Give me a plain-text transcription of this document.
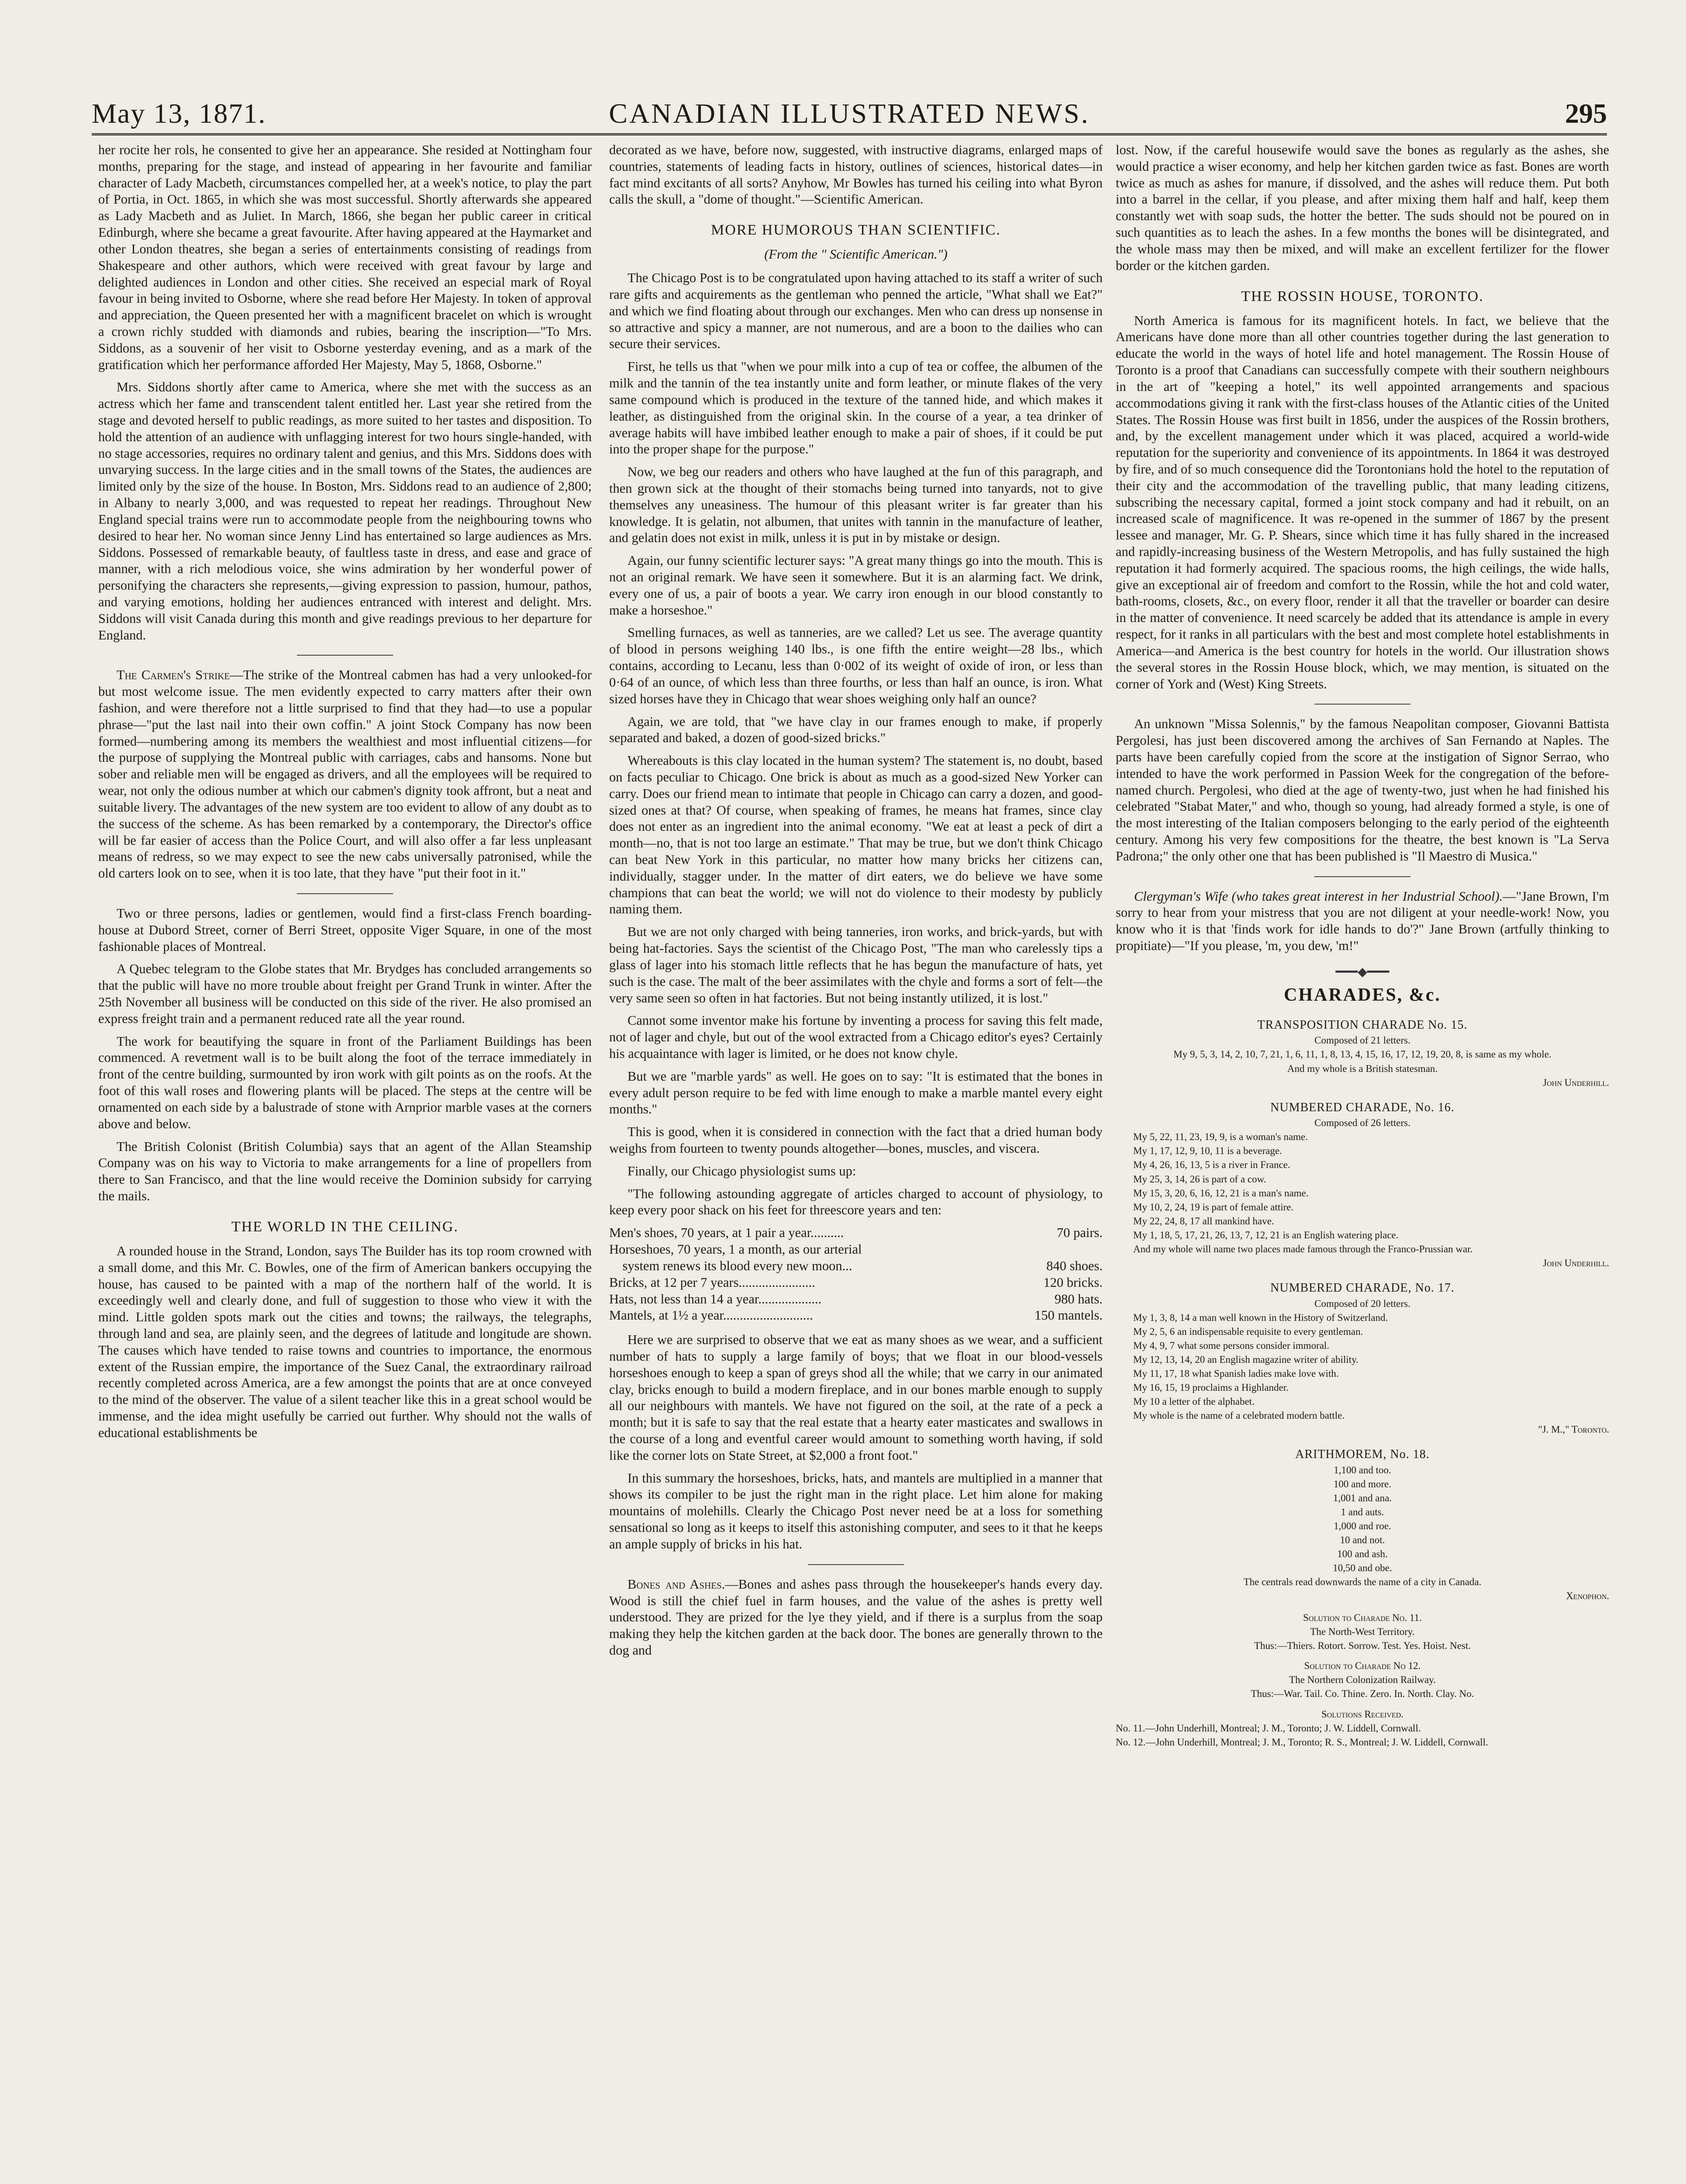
May 13, 1871.	CANADIAN ILLUSTRATED NEWS.	295

her rocite her rols, he consented to give her an appearance. She resided at Nottingham four months, preparing for the stage, and instead of appearing in her favourite and familiar character of Lady Macbeth, circumstances compelled her, at a week's notice, to play the part of Portia, in Oct. 1865, in which she was most successful. Shortly afterwards she appeared as Lady Macbeth and as Juliet. In March, 1866, she began her public career in critical Edinburgh, where she became a great favourite. After having appeared at the Haymarket and other London theatres, she began a series of entertainments consisting of readings from Shakespeare and other authors, which were received with great favour by large and delighted audiences in London and other cities. She received an especial mark of Royal favour in being invited to Osborne, where she read before Her Majesty. In token of approval and appreciation, the Queen presented her with a magnificent bracelet on which is wrought a crown richly studded with diamonds and rubies, bearing the inscription—"To Mrs. Siddons, as a souvenir of her visit to Osborne yesterday evening, and as a mark of the gratification which her performance afforded Her Majesty, May 5, 1868, Osborne."

Mrs. Siddons shortly after came to America, where she met with the success as an actress which her fame and transcendent talent entitled her. Last year she retired from the stage and devoted herself to public readings, as more suited to her tastes and disposition. To hold the attention of an audience with unflagging interest for two hours single-handed, with no stage accessories, requires no ordinary talent and genius, and this Mrs. Siddons does with unvarying success. In the large cities and in the small towns of the States, the audiences are limited only by the size of the house. In Boston, Mrs. Siddons read to an audience of 2,800; in Albany to nearly 3,000, and was requested to repeat her readings. Throughout New England special trains were run to accommodate people from the neighbouring towns who desired to hear her. No woman since Jenny Lind has entertained so large audiences as Mrs. Siddons. Possessed of remarkable beauty, of faultless taste in dress, and ease and grace of manner, with a rich melodious voice, she wins admiration by her wonderful power of personifying the characters she represents,—giving expression to passion, humour, pathos, and varying emotions, holding her audiences entranced with interest and delight. Mrs. Siddons will visit Canada during this month and give readings previous to her departure for England.

The Carmen's Strike—The strike of the Montreal cabmen has had a very unlooked-for but most welcome issue. The men evidently expected to carry matters after their own fashion, and were therefore not a little surprised to find that they had—to use a popular phrase—"put the last nail into their own coffin." A joint Stock Company has now been formed—numbering among its members the wealthiest and most influential citizens—for the purpose of supplying the Montreal public with carriages, cabs and hansoms. None but sober and reliable men will be engaged as drivers, and all the employees will be required to wear, not only the odious number at which our cabmen's dignity took affront, but a neat and suitable livery. The advantages of the new system are too evident to allow of any doubt as to the success of the scheme. As has been remarked by a contemporary, the Director's office will be far easier of access than the Police Court, and will also offer a far less unpleasant means of redress, so we may expect to see the new cabs universally patronised, while the old carters look on to see, when it is too late, that they have "put their foot in it."

Two or three persons, ladies or gentlemen, would find a first-class French boarding-house at Dubord Street, corner of Berri Street, opposite Viger Square, in one of the most fashionable places of Montreal.

A Quebec telegram to the Globe states that Mr. Brydges has concluded arrangements so that the public will have no more trouble about freight per Grand Trunk in winter. After the 25th November all business will be conducted on this side of the river. He also promised an express freight train and a permanent reduced rate all the year round.

The work for beautifying the square in front of the Parliament Buildings has been commenced. A revetment wall is to be built along the foot of the terrace immediately in front of the centre building, surmounted by iron work with gilt points as on the roofs. At the foot of this wall roses and flowering plants will be placed. The steps at the centre will be ornamented on each side by a balustrade of stone with Arnprior marble vases at the corners above and below.

The British Colonist (British Columbia) says that an agent of the Allan Steamship Company was on his way to Victoria to make arrangements for a line of propellers from there to San Francisco, and that the line would receive the Dominion subsidy for carrying the mails.

THE WORLD IN THE CEILING.

A rounded house in the Strand, London, says The Builder has its top room crowned with a small dome, and this Mr. C. Bowles, one of the firm of American bankers occupying the house, has caused to be painted with a map of the northern half of the world. It is exceedingly well and clearly done, and full of suggestion to those who view it with the mind. Little golden spots mark out the cities and towns; the railways, the telegraphs, through land and sea, are plainly seen, and the degrees of latitude and longitude are shown. The causes which have tended to raise towns and countries to importance, the enormous extent of the Russian empire, the importance of the Suez Canal, the extraordinary railroad recently completed across America, are a few amongst the points that are at once conveyed to the mind of the observer. The value of a silent teacher like this in a great school would be immense, and the idea might usefully be carried out further. Why should not the walls of educational establishments be

decorated as we have, before now, suggested, with instructive diagrams, enlarged maps of countries, statements of leading facts in history, outlines of sciences, historical dates—in fact mind excitants of all sorts? Anyhow, Mr Bowles has turned his ceiling into what Byron calls the skull, a "dome of thought."—Scientific American.

MORE HUMOROUS THAN SCIENTIFIC.
(From the " Scientific American.")

The Chicago Post is to be congratulated upon having attached to its staff a writer of such rare gifts and acquirements as the gentleman who penned the article, "What shall we Eat?" and which we find floating about through our exchanges. Men who can dress up nonsense in so attractive and spicy a manner, are not numerous, and are a boon to the dailies who can secure their services.

First, he tells us that "when we pour milk into a cup of tea or coffee, the albumen of the milk and the tannin of the tea instantly unite and form leather, or minute flakes of the very same compound which is produced in the texture of the tanned hide, and which makes it leather, as distinguished from the original skin. In the course of a year, a tea drinker of average habits will have imbibed leather enough to make a pair of shoes, if it could be put into the proper shape for the purpose."

Now, we beg our readers and others who have laughed at the fun of this paragraph, and then grown sick at the thought of their stomachs being turned into tanyards, not to give themselves any uneasiness. The humour of this pleasant writer is far greater than his knowledge. It is gelatin, not albumen, that unites with tannin in the manufacture of leather, and gelatin does not exist in milk, unless it is put in by mistake or design.

Again, our funny scientific lecturer says: "A great many things go into the mouth. This is not an original remark. We have seen it somewhere. But it is an alarming fact. We drink, every one of us, a pair of boots a year. We carry iron enough in our blood constantly to make a horseshoe."

Smelling furnaces, as well as tanneries, are we called? Let us see. The average quantity of blood in persons weighing 140 lbs., is one fifth the entire weight—28 lbs., which contains, according to Lecanu, less than 0·002 of its weight of oxide of iron, or less than 0·64 of an ounce, of which less than three fourths, or less than half an ounce, is iron. What sized horses have they in Chicago that wear shoes weighing only half an ounce?

Again, we are told, that "we have clay in our frames enough to make, if properly separated and baked, a dozen of good-sized bricks."

Whereabouts is this clay located in the human system? The statement is, no doubt, based on facts peculiar to Chicago. One brick is about as much as a good-sized New Yorker can carry. Does our friend mean to intimate that people in Chicago can carry a dozen, and good-sized ones at that? Of course, when speaking of frames, he means hat frames, since clay does not enter as an ingredient into the animal economy. "We eat at least a peck of dirt a month—no, that is not too large an estimate." That may be true, but we don't think Chicago can beat New York in this particular, no matter how many bricks her citizens can, individually, stagger under. In the matter of dirt eaters, we do believe we have some champions that can beat the world; we will not do violence to their modesty by publicly naming them.

But we are not only charged with being tanneries, iron works, and brick-yards, but with being hat-factories. Says the scientist of the Chicago Post, "The man who carelessly tips a glass of lager into his stomach little reflects that he has begun the manufacture of hats, yet such is the case. The malt of the beer assimilates with the chyle and forms a sort of felt—the very same seen so often in hat factories. But not being instantly utilized, it is lost."

Cannot some inventor make his fortune by inventing a process for saving this felt made, not of lager and chyle, but out of the wool extracted from a Chicago editor's eyes? Certainly his acquaintance with lager is limited, or he does not know chyle.

But we are "marble yards" as well. He goes on to say: "It is estimated that the bones in every adult person require to be fed with lime enough to make a marble mantel every eight months."

This is good, when it is considered in connection with the fact that a dried human body weighs from fourteen to twenty pounds altogether—bones, muscles, and viscera.

Finally, our Chicago physiologist sums up:

"The following astounding aggregate of articles charged to account of physiology, to keep every poor shack on his feet for threescore years and ten:

Men's shoes, 70 years, at 1 pair a year..........	70 pairs.
Horseshoes, 70 years, 1 a month, as our arterial
system renews its blood every new moon...	840 shoes.
Bricks, at 12 per 7 years.......................	120 bricks.
Hats, not less than 14 a year...................	980 hats.
Mantels, at 1½ a year...........................	150 mantels.

Here we are surprised to observe that we eat as many shoes as we wear, and a sufficient number of hats to supply a large family of boys; that we float in our blood-vessels horseshoes enough to keep a span of greys shod all the while; that we carry in our animated clay, bricks enough to build a modern fireplace, and in our bones marble enough to supply all our neighbours with mantels. We have not figured on the soil, at the rate of a peck a month; but it is safe to say that the real estate that a hearty eater masticates and swallows in the course of a long and eventful career would amount to something worth having, if sold like the corner lots on State Street, at $2,000 a front foot."

In this summary the horseshoes, bricks, hats, and mantels are multiplied in a manner that shows its compiler to be just the right man in the right place. Let him alone for making mountains of molehills. Clearly the Chicago Post never need be at a loss for something sensational so long as it keeps to itself this astonishing computer, and sees to it that he keeps an ample supply of bricks in his hat.

Bones and Ashes.—Bones and ashes pass through the housekeeper's hands every day. Wood is still the chief fuel in farm houses, and the value of the ashes is pretty well understood. They are prized for the lye they yield, and if there is a surplus from the soap making they help the kitchen garden at the back door. The bones are generally thrown to the dog and

lost. Now, if the careful housewife would save the bones as regularly as the ashes, she would practice a wiser economy, and help her kitchen garden twice as fast. Bones are worth twice as much as ashes for manure, if dissolved, and the ashes will reduce them. Put both into a barrel in the cellar, if you please, and after mixing them half and half, keep them constantly wet with soap suds, the hotter the better. The suds should not be poured on in such quantities as to leach the ashes. In a few months the bones will be disintegrated, and the whole mass may then be mixed, and will make an excellent fertilizer for the flower border or the kitchen garden.

THE ROSSIN HOUSE, TORONTO.

North America is famous for its magnificent hotels. In fact, we believe that the Americans have done more than all other countries together during the last generation to educate the world in the ways of hotel life and hotel management. The Rossin House of Toronto is a proof that Canadians can successfully compete with their southern neighbours in the art of "keeping a hotel," its well appointed arrangements and spacious accommodations giving it rank with the first-class houses of the Atlantic cities of the United States. The Rossin House was first built in 1856, under the auspices of the Rossin brothers, and, by the excellent management under which it was placed, acquired a world-wide reputation for the superiority and convenience of its appointments. In 1864 it was destroyed by fire, and of so much consequence did the Torontonians hold the hotel to the reputation of their city and the accommodation of the travelling public, that many leading citizens, subscribing the necessary capital, formed a joint stock company and had it rebuilt, on an increased scale of magnificence. It was re-opened in the summer of 1867 by the present lessee and manager, Mr. G. P. Shears, since which time it has fully shared in the increased and rapidly-increasing business of the Western Metropolis, and has fully sustained the high reputation it had formerly acquired. The spacious rooms, the high ceilings, the wide halls, give an exceptional air of freedom and comfort to the Rossin, while the hot and cold water, bath-rooms, closets, &c., on every floor, render it all that the traveller or boarder can desire in the matter of convenience. It need scarcely be added that its attendance is ample in every respect, for it ranks in all particulars with the best and most complete hotel establishments in America—and America is the best country for hotels in the world. Our illustration shows the several stores in the Rossin House block, which, we may mention, is situated on the corner of York and (West) King Streets.

An unknown "Missa Solennis," by the famous Neapolitan composer, Giovanni Battista Pergolesi, has just been discovered among the archives of San Fernando at Naples. The parts have been carefully copied from the score at the instigation of Signor Serrao, who intended to have the work performed in Passion Week for the congregation of the before-named church. Pergolesi, who died at the age of twenty-two, just when he had finished his celebrated "Stabat Mater," and who, though so young, had already formed a style, is one of the most interesting of the Italian composers belonging to the early period of the eighteenth century. Among his very few compositions for the theatre, the best known is "La Serva Padrona;" the only other one that has been published is "Il Maestro di Musica."

Clergyman's Wife (who takes great interest in her Industrial School).—"Jane Brown, I'm sorry to hear from your mistress that you are not diligent at your needle-work! Now, you know who it is that 'finds work for idle hands to do'?" Jane Brown (artfully thinking to propitiate)—"If you please, 'm, you dew, 'm!"

━━━◆━━━
CHARADES, &c.
TRANSPOSITION CHARADE No. 15.
Composed of 21 letters.
My 9, 5, 3, 14, 2, 10, 7, 21, 1, 6, 11, 1, 8, 13, 4, 15, 16, 17, 12, 19, 20, 8, is same as my whole.
And my whole is a British statesman.
John Underhill.
NUMBERED CHARADE, No. 16.
Composed of 26 letters.
My 5, 22, 11, 23, 19, 9, is a woman's name.
My 1, 17, 12, 9, 10, 11 is a beverage.
My 4, 26, 16, 13, 5 is a river in France.
My 25, 3, 14, 26 is part of a cow.
My 15, 3, 20, 6, 16, 12, 21 is a man's name.
My 10, 2, 24, 19 is part of female attire.
My 22, 24, 8, 17 all mankind have.
My 1, 18, 5, 17, 21, 26, 13, 7, 12, 21 is an English watering place.
And my whole will name two places made famous through the Franco-Prussian war.
John Underhill.
NUMBERED CHARADE, No. 17.
Composed of 20 letters.
My 1, 3, 8, 14 a man well known in the History of Switzerland.
My 2, 5, 6 an indispensable requisite to every gentleman.
My 4, 9, 7 what some persons consider immoral.
My 12, 13, 14, 20 an English magazine writer of ability.
My 11, 17, 18 what Spanish ladies make love with.
My 16, 15, 19 proclaims a Highlander.
My 10 a letter of the alphabet.
My whole is the name of a celebrated modern battle.
"J. M.," Toronto.
ARITHMOREM, No. 18.
1,100 and too.
100 and more.
1,001 and ana.
1 and auts.
1,000 and roe.
10 and not.
100 and ash.
10,50 and obe.
The centrals read downwards the name of a city in Canada.
Xenophon.
Solution to Charade No. 11.
The North-West Territory.
Thus:—Thiers. Rotort. Sorrow. Test. Yes. Hoist. Nest.
Solution to Charade No 12.
The Northern Colonization Railway.
Thus:—War. Tail. Co. Thine. Zero. In. North. Clay. No.
Solutions Received.
No. 11.—John Underhill, Montreal; J. M., Toronto; J. W. Liddell, Cornwall.
No. 12.—John Underhill, Montreal; J. M., Toronto; R. S., Montreal; J. W. Liddell, Cornwall.
